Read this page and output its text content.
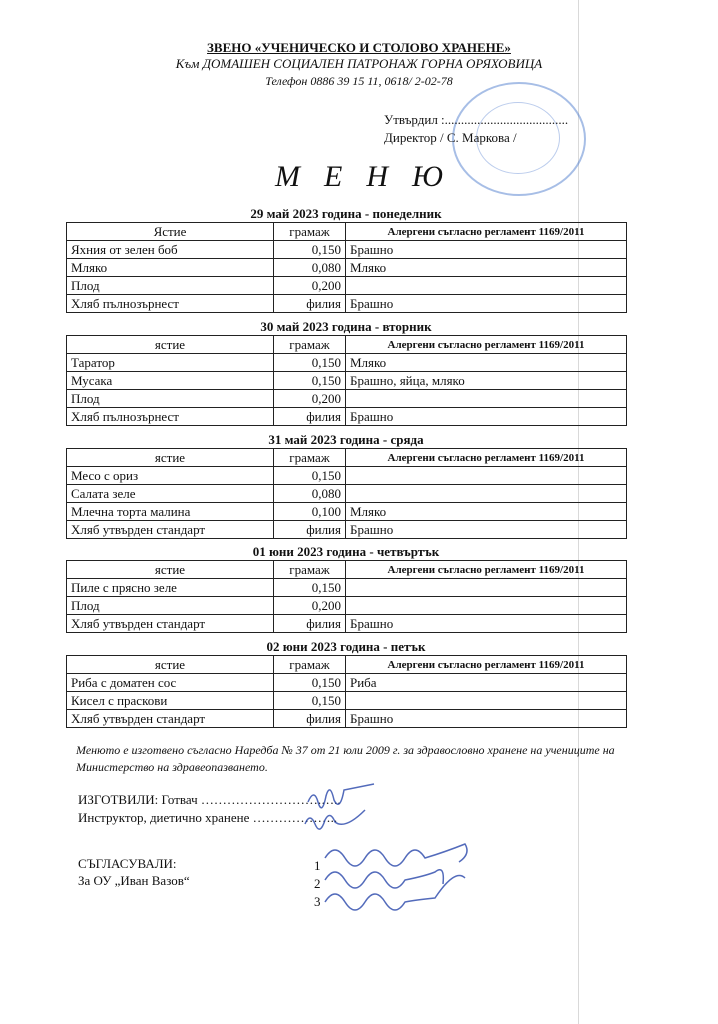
ЗВЕНО «УЧЕНИЧЕСКО И СТОЛОВО ХРАНЕНЕ»
Към ДОМАШЕН СОЦИАЛЕН ПАТРОНАЖ ГОРНА ОРЯХОВИЦА
Телефон 0886 39 15 11, 0618/ 2-02-78
Утвърдил :......................................
Директор / С. Маркова /
МЕНЮ
29 май 2023 година - понеделник
Ястие	грамаж	Алергени съгласно регламент 1169/2011
Яхния от зелен боб	0,150	Брашно
Мляко	0,080	Мляко
Плод	0,200	
Хляб пълнозърнест	филия	Брашно
30 май 2023 година - вторник
ястие	грамаж	Алергени съгласно регламент 1169/2011
Таратор	0,150	Мляко
Мусака	0,150	Брашно, яйца, мляко
Плод	0,200	
Хляб пълнозърнест	филия	Брашно
31 май 2023 година - сряда
ястие	грамаж	Алергени съгласно регламент 1169/2011
Месо с ориз	0,150	
Салата зеле	0,080	
Млечна торта малина	0,100	Мляко
Хляб утвърден стандарт	филия	Брашно
01 юни 2023 година - четвъртък
ястие	грамаж	Алергени съгласно регламент 1169/2011
Пиле с прясно зеле	0,150	
Плод	0,200	
Хляб утвърден стандарт	филия	Брашно
02 юни 2023 година - петък
ястие	грамаж	Алергени съгласно регламент 1169/2011
Риба с доматен сос	0,150	Риба
Кисел с праскови	0,150	
Хляб утвърден стандарт	филия	Брашно
Менюто е изготвено съгласно Наредба № 37 от 21 юли 2009 г. за здравословно хранене на учениците на Министерство на здравеопазването.
ИЗГОТВИЛИ: Готвач ……………………….…..
Инструктор, диетично хранене ………………..
СЪГЛАСУВАЛИ:
За ОУ „Иван Вазов“
1
2
3
